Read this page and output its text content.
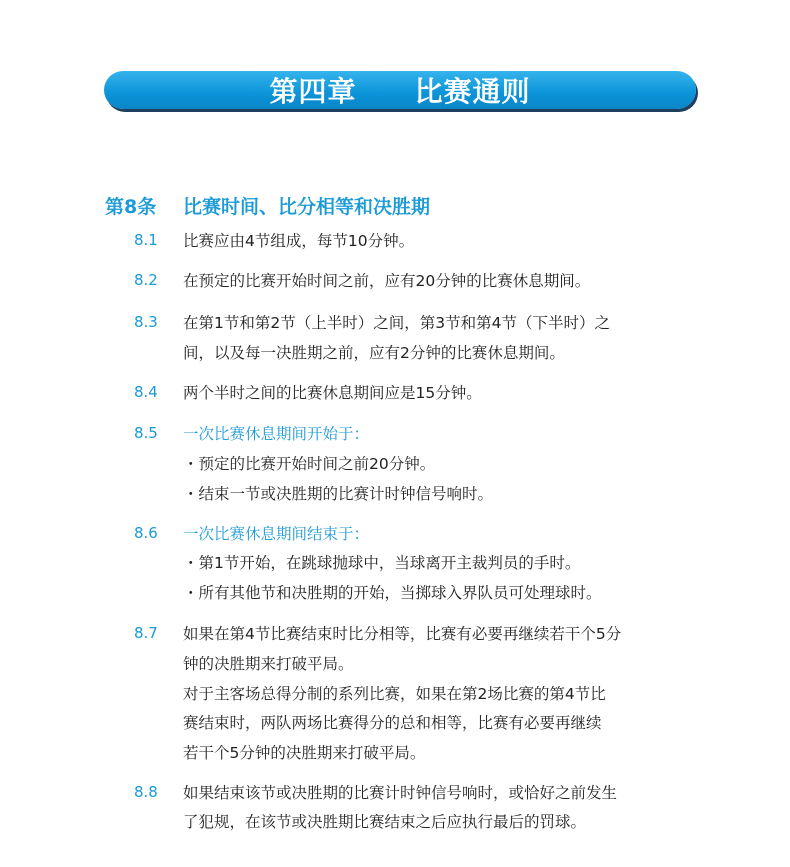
第四章　　比赛通则
第8条 比赛时间、比分相等和决胜期
8.1 比赛应由4节组成，每节10分钟。
8.2 在预定的比赛开始时间之前，应有20分钟的比赛休息期间。
8.3 在第1节和第2节（上半时）之间，第3节和第4节（下半时）之
间，以及每一决胜期之前，应有2分钟的比赛休息期间。
8.4 两个半时之间的比赛休息期间应是15分钟。
8.5 一次比赛休息期间开始于：
・预定的比赛开始时间之前20分钟。
・结束一节或决胜期的比赛计时钟信号响时。
8.6 一次比赛休息期间结束于：
・第1节开始，在跳球抛球中，当球离开主裁判员的手时。
・所有其他节和决胜期的开始，当掷球入界队员可处理球时。
8.7 如果在第4节比赛结束时比分相等，比赛有必要再继续若干个5分
钟的决胜期来打破平局。
对于主客场总得分制的系列比赛，如果在第2场比赛的第4节比
赛结束时，两队两场比赛得分的总和相等，比赛有必要再继续
若干个5分钟的决胜期来打破平局。
8.8 如果结束该节或决胜期的比赛计时钟信号响时，或恰好之前发生
了犯规，在该节或决胜期比赛结束之后应执行最后的罚球。
